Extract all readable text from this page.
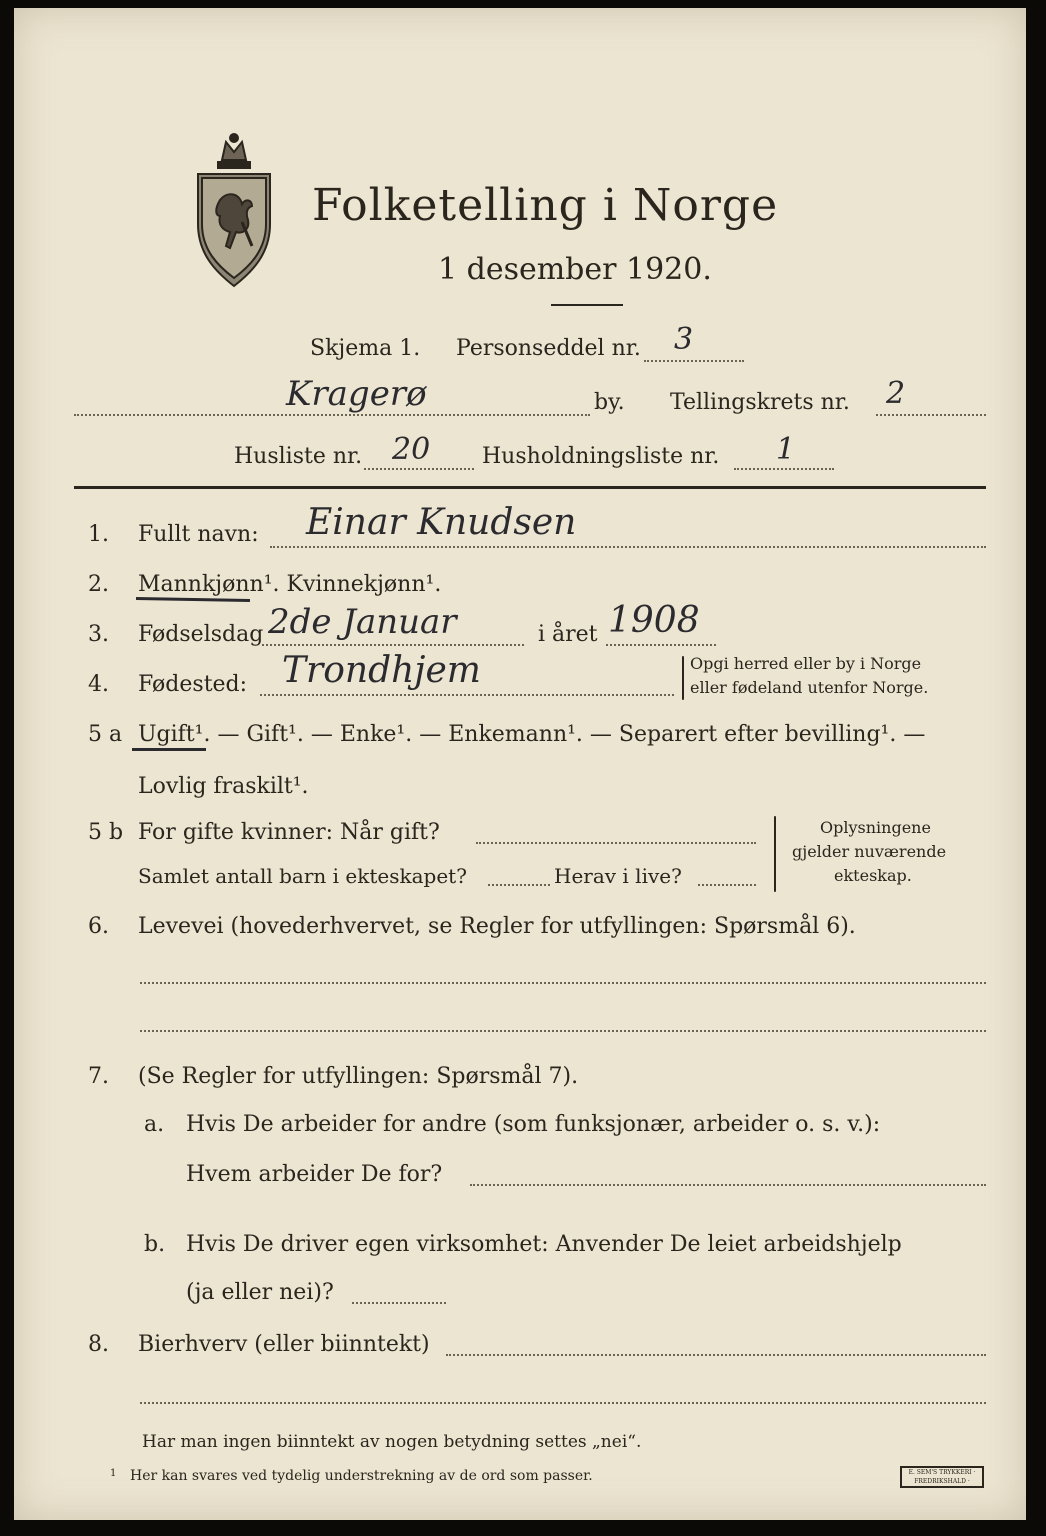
Folketelling i Norge
1 desember 1920.
Skjema 1. Personseddel nr. 3
Kragerø	by. Tellingskrets nr. 2
Husliste nr. 20 Husholdningsliste nr. 1
1. Fullt navn: Einar Knudsen
2. Mannkjønn¹. Kvinnekjønn¹.
3. Fødselsdag 2de Januar	i året 1908
4. Fødested: Trondhjem	Opgi herred eller by i Norge
eller fødeland utenfor Norge.
5 a Ugift¹. — Gift¹. — Enke¹. — Enkemann¹. — Separert efter bevilling¹. —
Lovlig fraskilt¹.
5 b For gifte kvinner: Når gift?
Samlet antall barn i ekteskapet?	Herav i live?
Oplysningene
gjelder nuværende
ekteskap.
6. Levevei (hovederhvervet, se Regler for utfyllingen: Spørsmål 6).
7. (Se Regler for utfyllingen: Spørsmål 7).
a. Hvis De arbeider for andre (som funksjonær, arbeider o. s. v.):
Hvem arbeider De for?
b. Hvis De driver egen virksomhet: Anvender De leiet arbeidshjelp
(ja eller nei)?
8. Bierhverv (eller biinntekt)
Har man ingen biinntekt av nogen betydning settes „nei“.
1 Her kan svares ved tydelig understrekning av de ord som passer.	E. SEM'S TRYKKERI · FREDRIKSHALD ·
